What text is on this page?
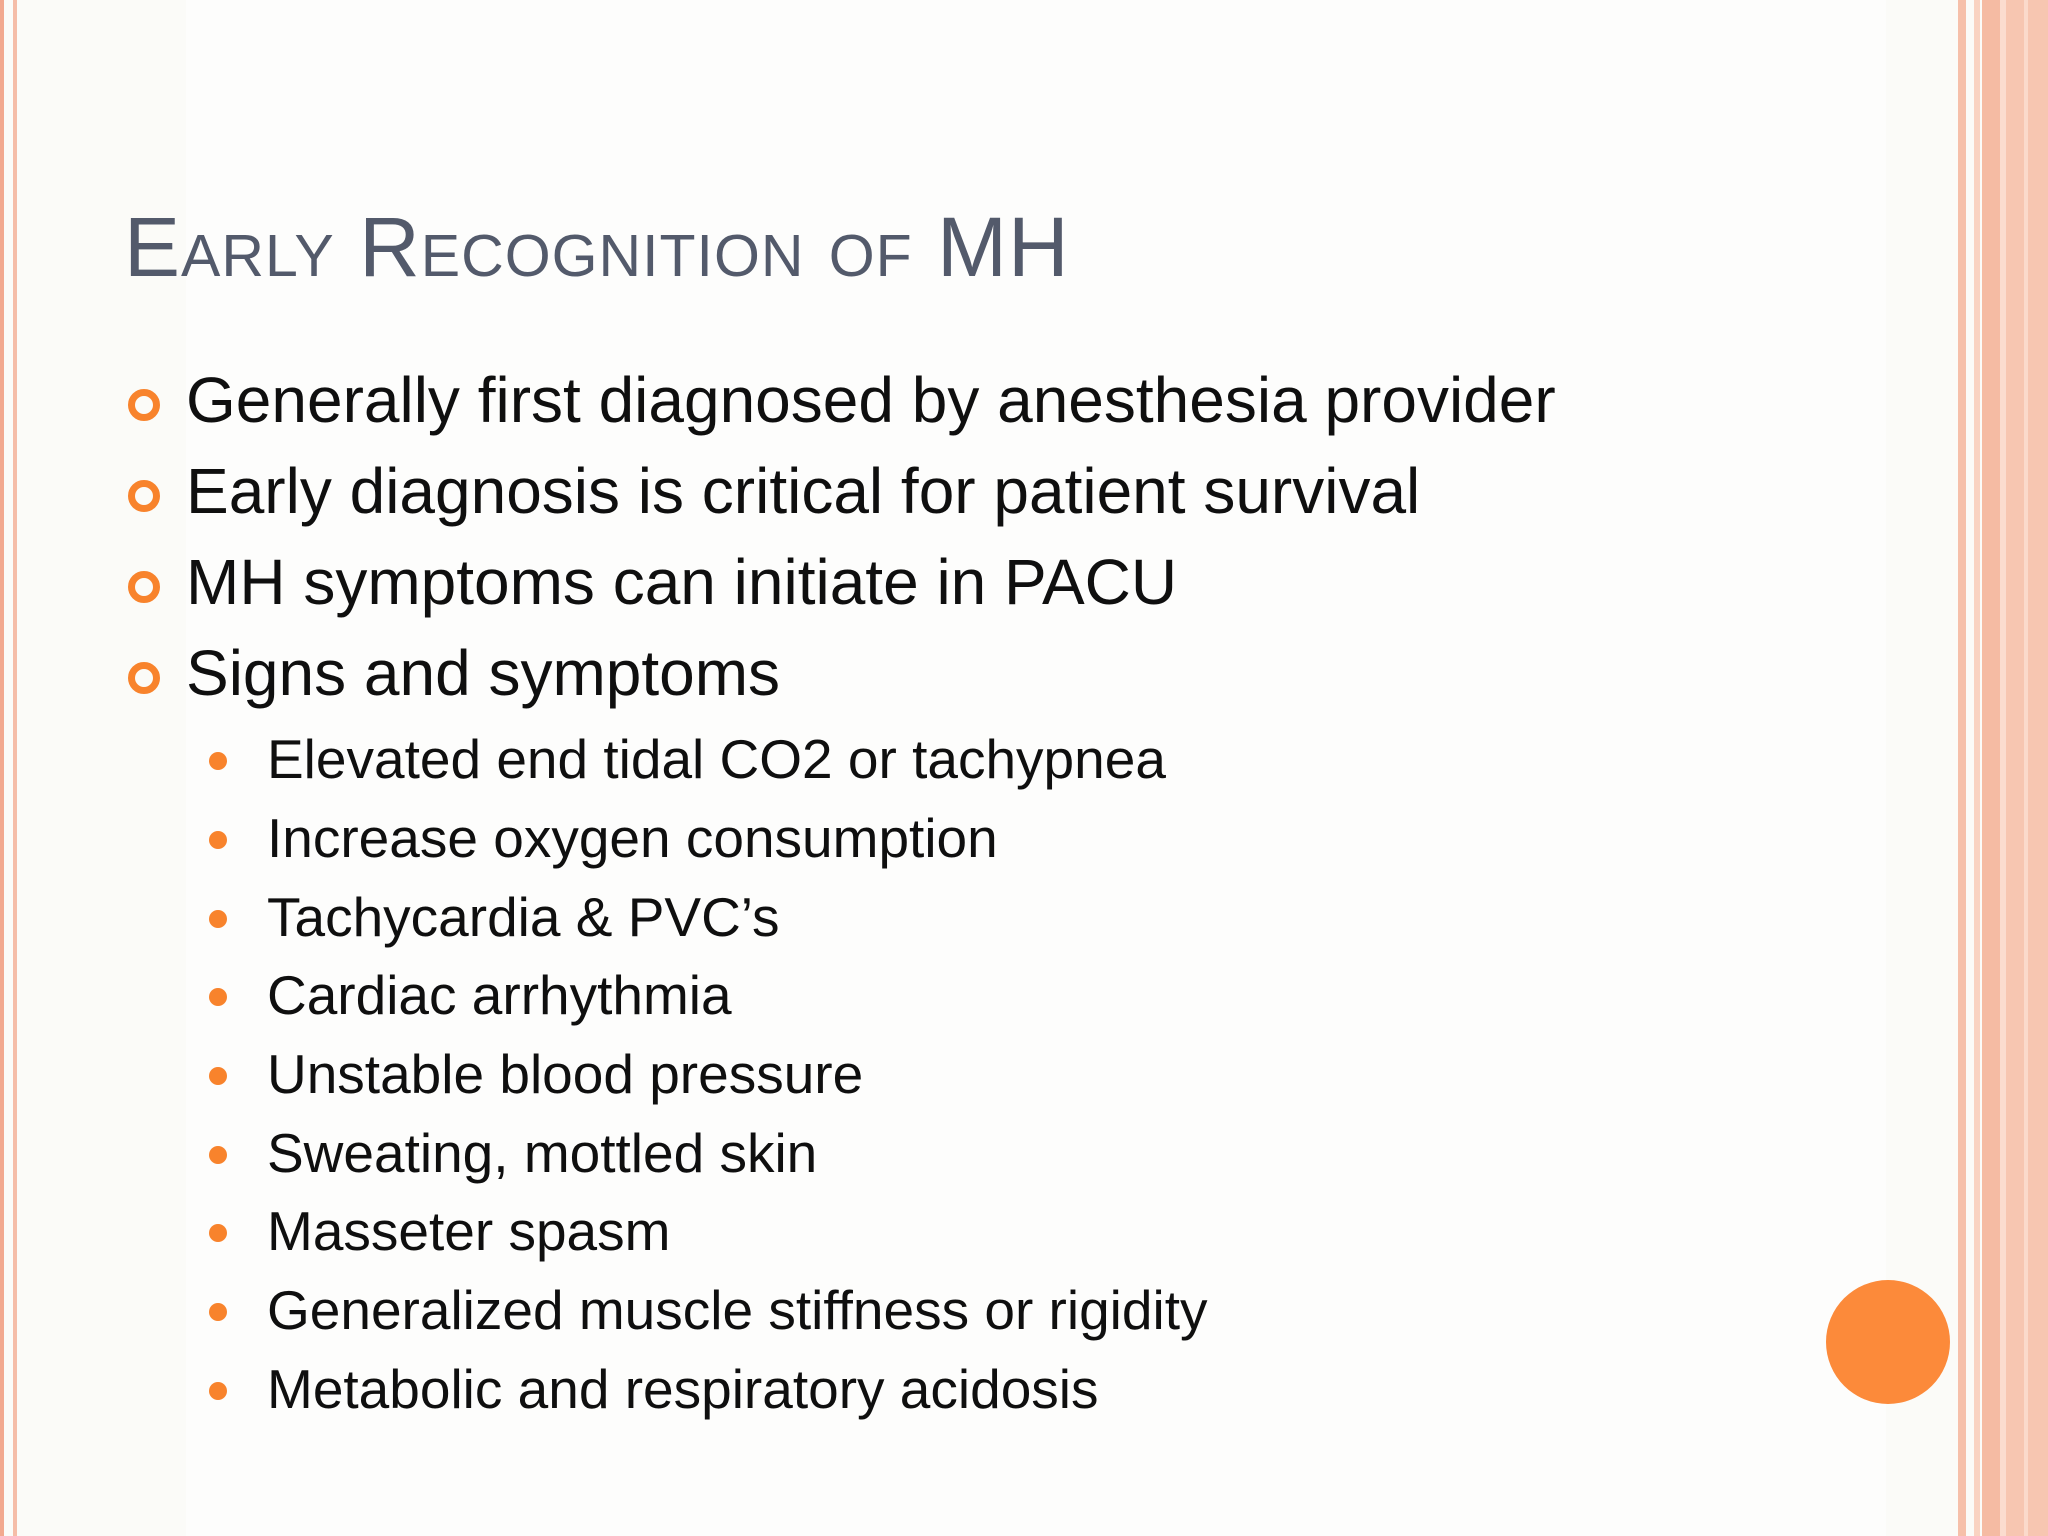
Early Recognition of MH
Generally first diagnosed by anesthesia provider
Early diagnosis is critical for patient survival
MH symptoms can initiate in PACU
Signs and symptoms
Elevated end tidal CO2 or tachypnea
Increase oxygen consumption
Tachycardia & PVC’s
Cardiac arrhythmia
Unstable blood pressure
Sweating, mottled skin
Masseter spasm
Generalized muscle stiffness or rigidity
Metabolic and respiratory acidosis
